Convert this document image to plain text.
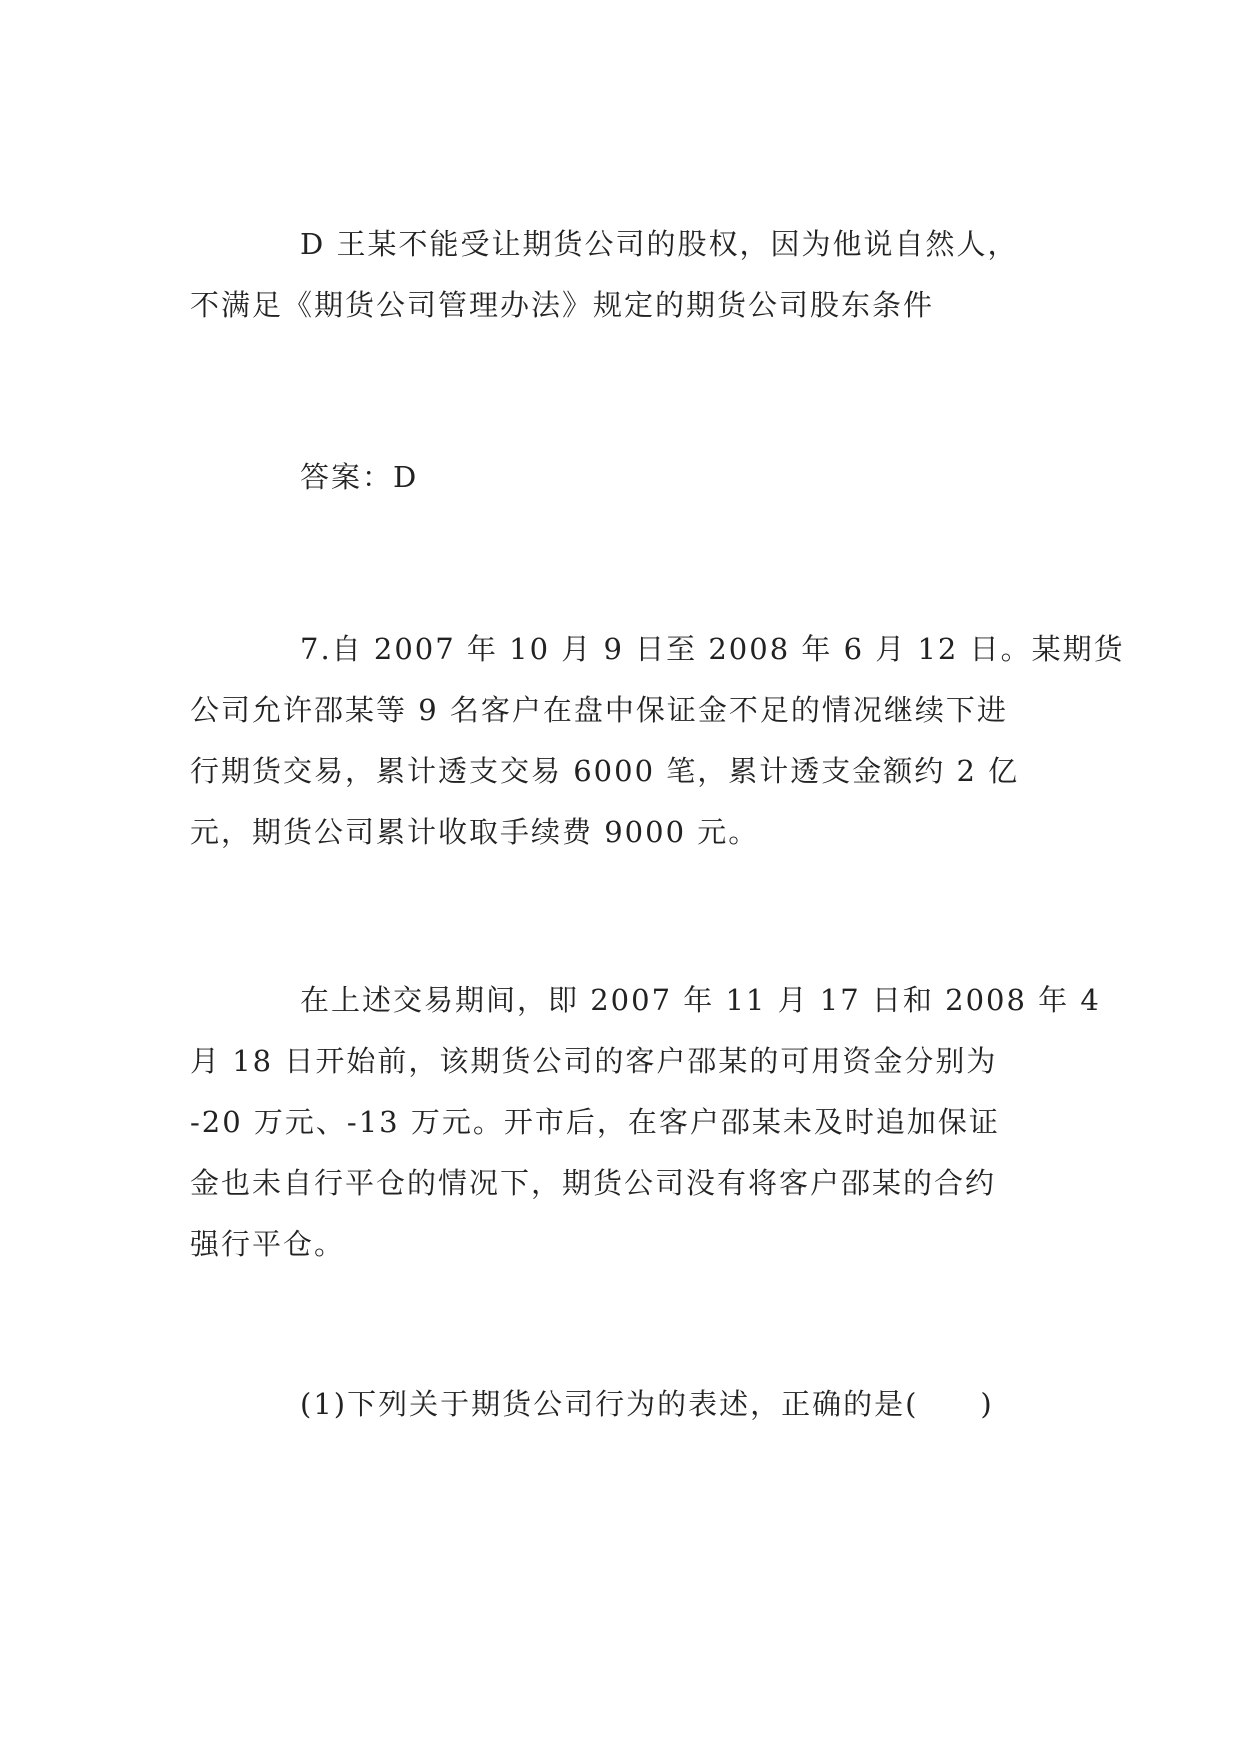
D 王某不能受让期货公司的股权，因为他说自然人，
不满足《期货公司管理办法》规定的期货公司股东条件
答案：D
7.自 2007 年 10 月 9 日至 2008 年 6 月 12 日。某期货
公司允许邵某等 9 名客户在盘中保证金不足的情况继续下进
行期货交易，累计透支交易 6000 笔，累计透支金额约 2 亿
元，期货公司累计收取手续费 9000 元。
在上述交易期间，即 2007 年 11 月 17 日和 2008 年 4
月 18 日开始前，该期货公司的客户邵某的可用资金分别为
-20 万元、-13 万元。开市后，在客户邵某未及时追加保证
金也未自行平仓的情况下，期货公司没有将客户邵某的合约
强行平仓。
(1)下列关于期货公司行为的表述，正确的是(　　)
